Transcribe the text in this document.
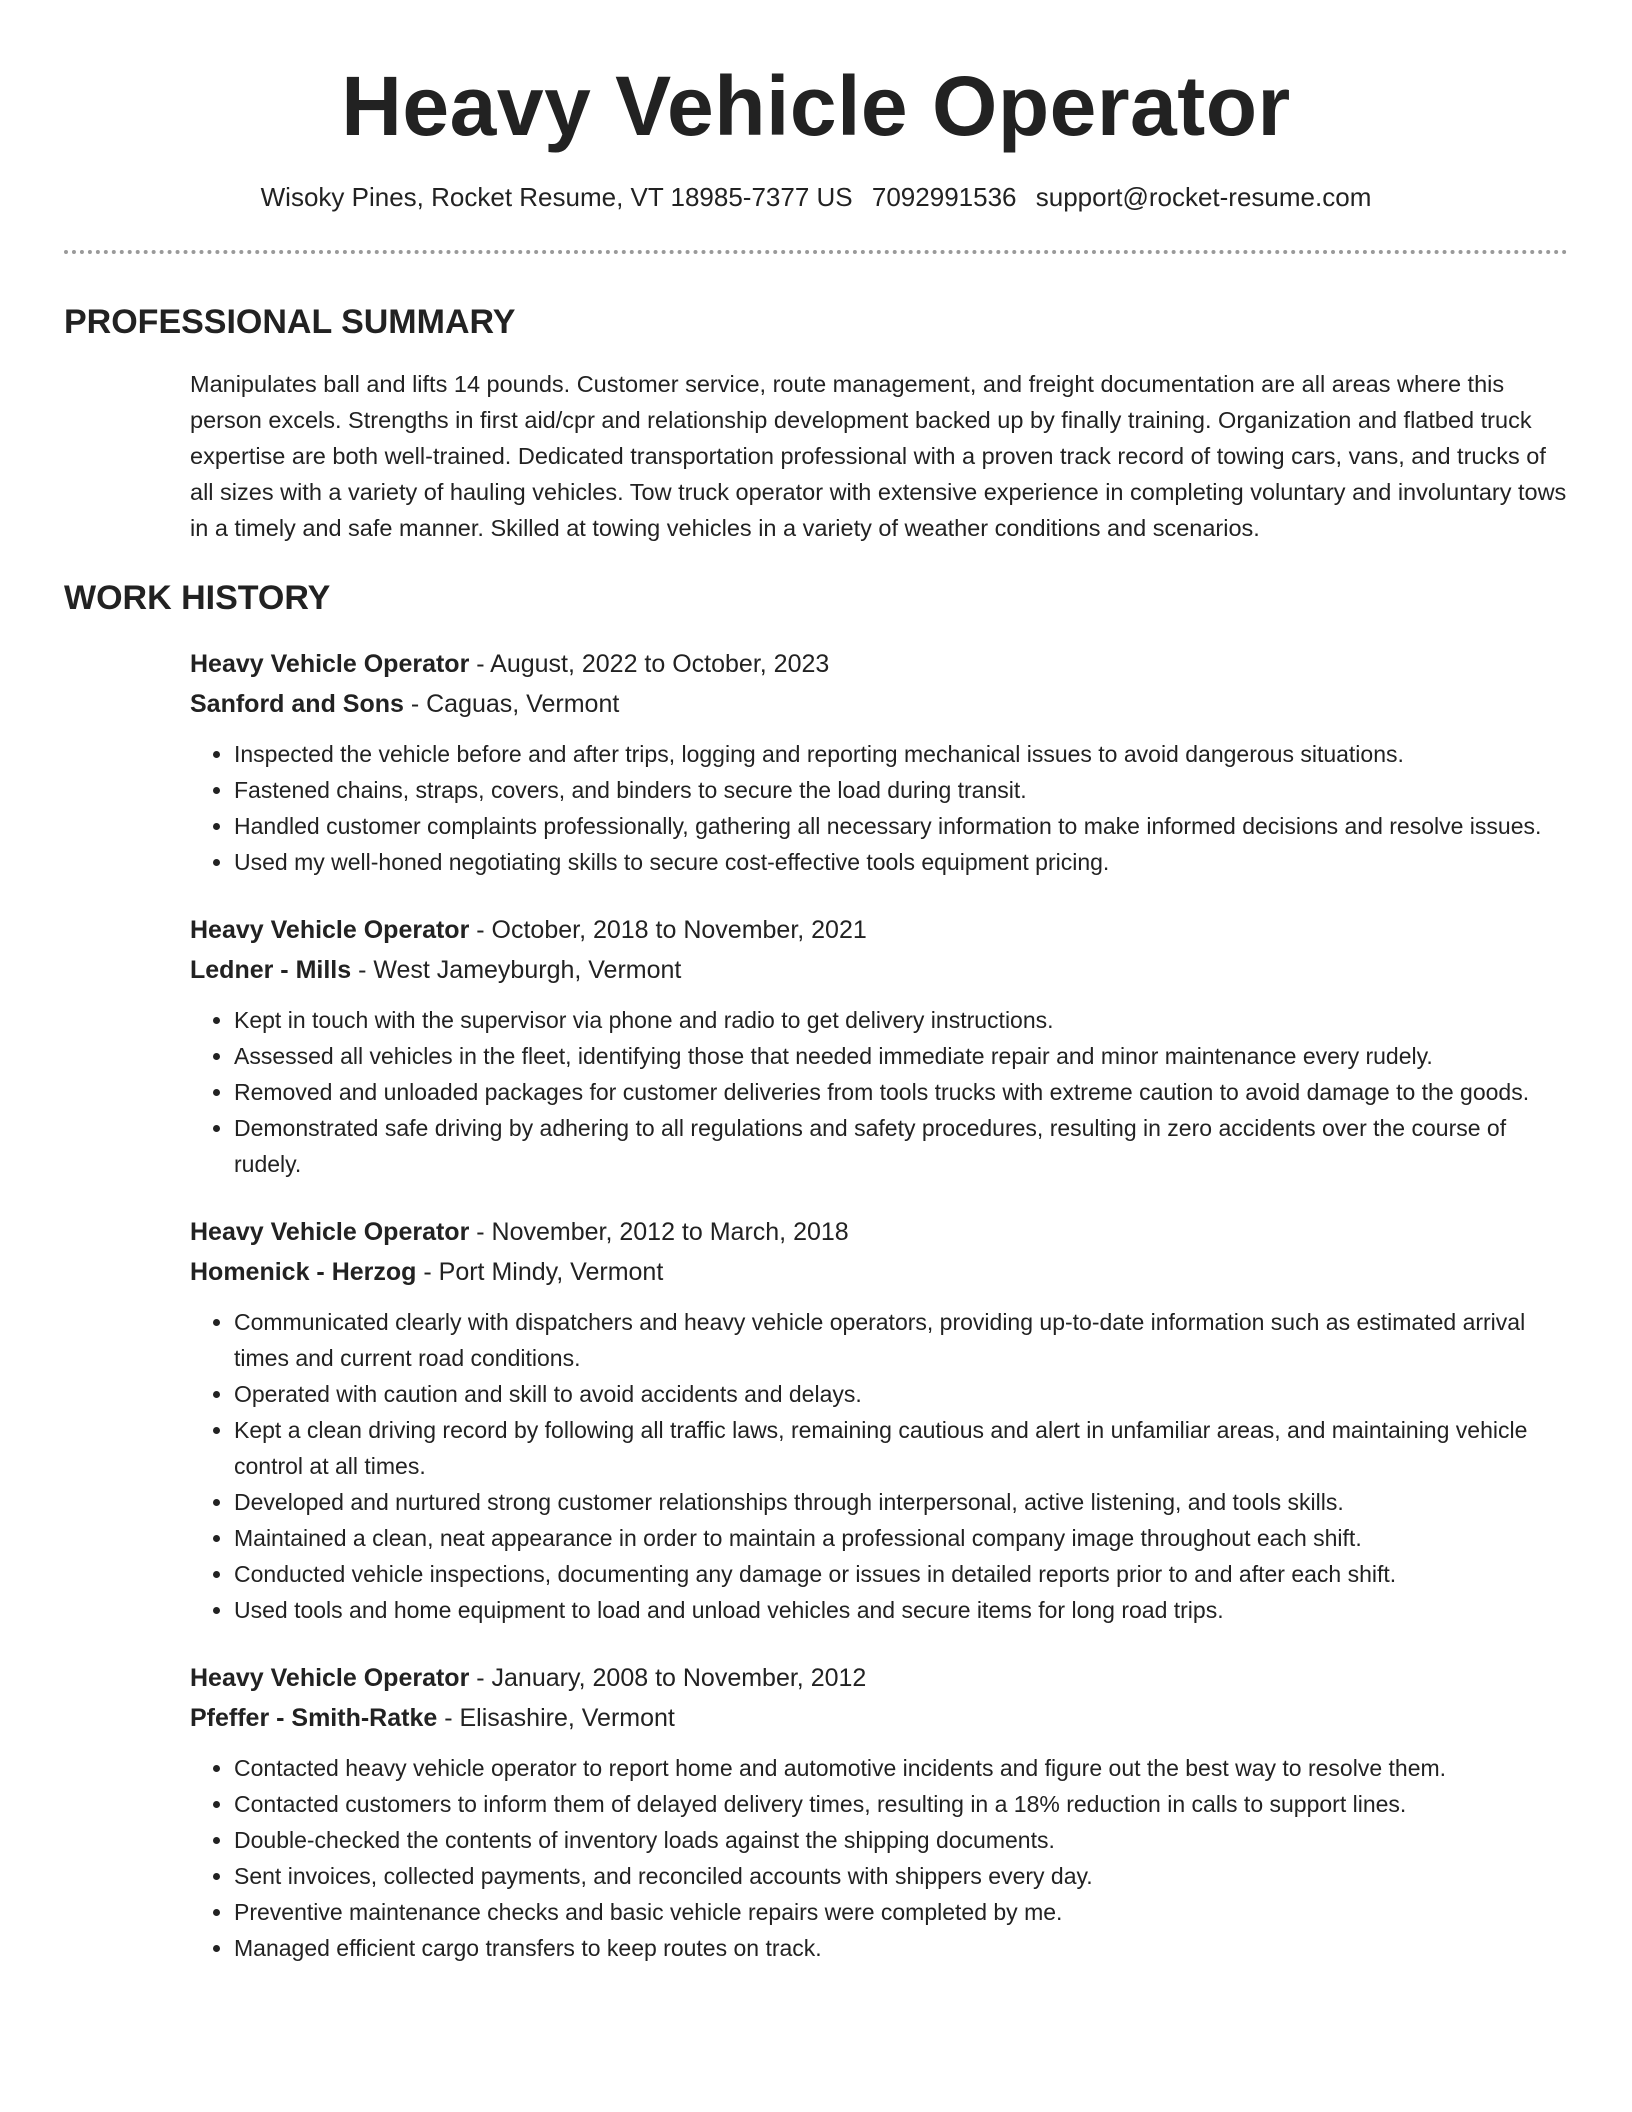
Heavy Vehicle Operator
Wisoky Pines, Rocket Resume, VT 18985-7377 US 7092991536 support@rocket-resume.com
PROFESSIONAL SUMMARY

Manipulates ball and lifts 14 pounds. Customer service, route management, and freight documentation are all areas where this person excels. Strengths in first aid/cpr and relationship development backed up by finally training. Organization and flatbed truck expertise are both well-trained. Dedicated transportation professional with a proven track record of towing cars, vans, and trucks of all sizes with a variety of hauling vehicles. Tow truck operator with extensive experience in completing voluntary and involuntary tows in a timely and safe manner. Skilled at towing vehicles in a variety of weather conditions and scenarios.

WORK HISTORY
Heavy Vehicle Operator - August, 2022 to October, 2023
Sanford and Sons - Caguas, Vermont
• Inspected the vehicle before and after trips, logging and reporting mechanical issues to avoid dangerous situations.
• Fastened chains, straps, covers, and binders to secure the load during transit.
• Handled customer complaints professionally, gathering all necessary information to make informed decisions and resolve issues.
• Used my well-honed negotiating skills to secure cost-effective tools equipment pricing.
Heavy Vehicle Operator - October, 2018 to November, 2021
Ledner - Mills - West Jameyburgh, Vermont
• Kept in touch with the supervisor via phone and radio to get delivery instructions.
• Assessed all vehicles in the fleet, identifying those that needed immediate repair and minor maintenance every rudely.
• Removed and unloaded packages for customer deliveries from tools trucks with extreme caution to avoid damage to the goods.
• Demonstrated safe driving by adhering to all regulations and safety procedures, resulting in zero accidents over the course of rudely.
Heavy Vehicle Operator - November, 2012 to March, 2018
Homenick - Herzog - Port Mindy, Vermont
• Communicated clearly with dispatchers and heavy vehicle operators, providing up-to-date information such as estimated arrival times and current road conditions.
• Operated with caution and skill to avoid accidents and delays.
• Kept a clean driving record by following all traffic laws, remaining cautious and alert in unfamiliar areas, and maintaining vehicle control at all times.
• Developed and nurtured strong customer relationships through interpersonal, active listening, and tools skills.
• Maintained a clean, neat appearance in order to maintain a professional company image throughout each shift.
• Conducted vehicle inspections, documenting any damage or issues in detailed reports prior to and after each shift.
• Used tools and home equipment to load and unload vehicles and secure items for long road trips.
Heavy Vehicle Operator - January, 2008 to November, 2012
Pfeffer - Smith-Ratke - Elisashire, Vermont
• Contacted heavy vehicle operator to report home and automotive incidents and figure out the best way to resolve them.
• Contacted customers to inform them of delayed delivery times, resulting in a 18% reduction in calls to support lines.
• Double-checked the contents of inventory loads against the shipping documents.
• Sent invoices, collected payments, and reconciled accounts with shippers every day.
• Preventive maintenance checks and basic vehicle repairs were completed by me.
• Managed efficient cargo transfers to keep routes on track.
